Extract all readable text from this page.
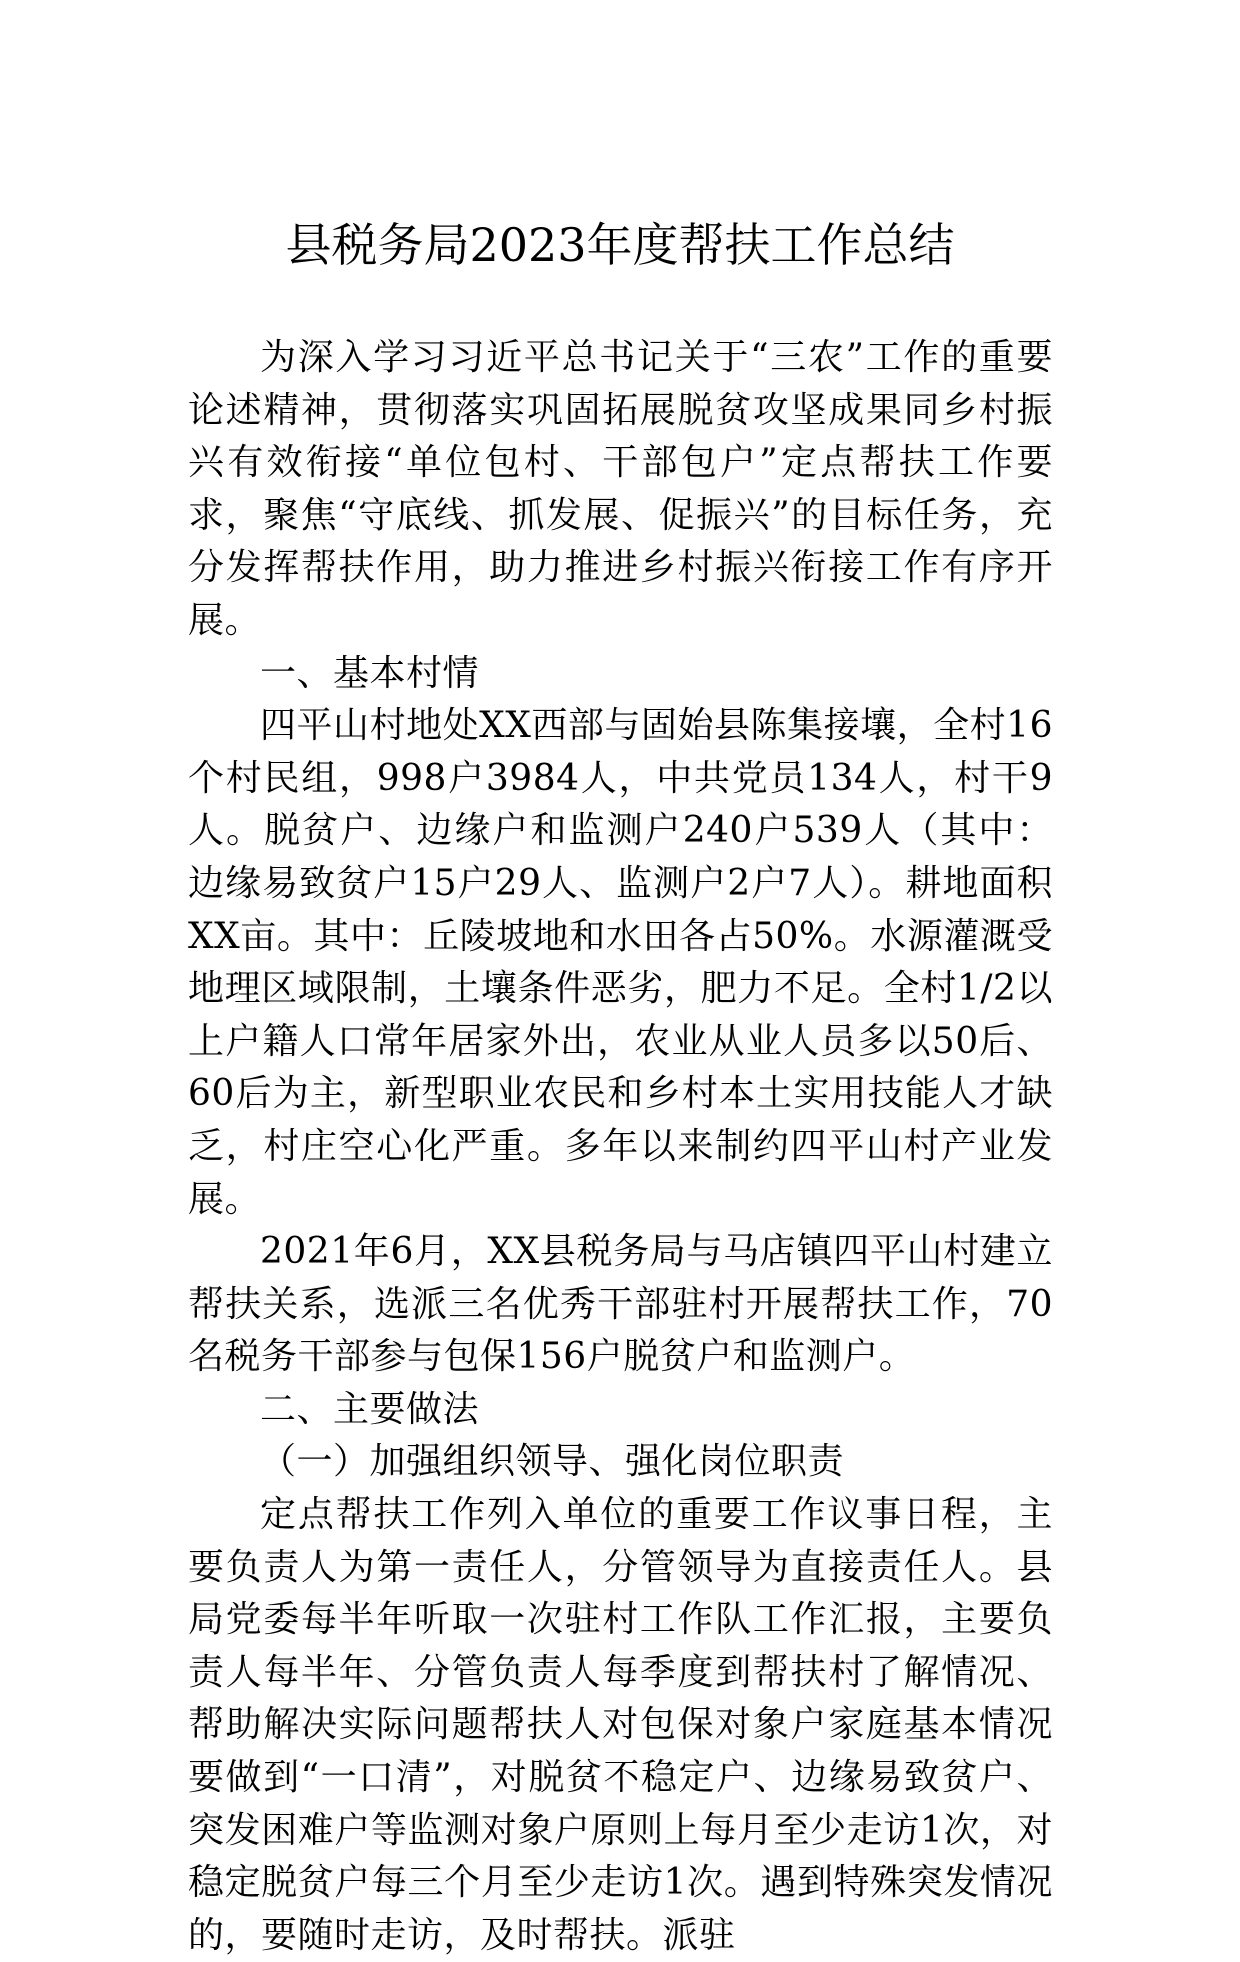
县税务局2023年度帮扶工作总结

为深入学习习近平总书记关于“三农”工作的重要论述精神，贯彻落实巩固拓展脱贫攻坚成果同乡村振兴有效衔接“单位包村、干部包户”定点帮扶工作要求，聚焦“守底线、抓发展、促振兴”的目标任务，充分发挥帮扶作用，助力推进乡村振兴衔接工作有序开展。

一、基本村情

四平山村地处XX西部与固始县陈集接壤，全村16个村民组，998户3984人，中共党员134人，村干9人。脱贫户、边缘户和监测户240户539人（其中：边缘易致贫户15户29人、监测户2户7人）。耕地面积XX亩。其中：丘陵坡地和水田各占50%。水源灌溉受地理区域限制，土壤条件恶劣，肥力不足。全村1/2以上户籍人口常年居家外出，农业从业人员多以50后、60后为主，新型职业农民和乡村本土实用技能人才缺乏，村庄空心化严重。多年以来制约四平山村产业发展。

2021年6月，XX县税务局与马店镇四平山村建立帮扶关系，选派三名优秀干部驻村开展帮扶工作，70名税务干部参与包保156户脱贫户和监测户。

二、主要做法

（一）加强组织领导、强化岗位职责

定点帮扶工作列入单位的重要工作议事日程，主要负责人为第一责任人，分管领导为直接责任人。县局党委每半年听取一次驻村工作队工作汇报，主要负责人每半年、分管负责人每季度到帮扶村了解情况、帮助解决实际问题帮扶人对包保对象户家庭基本情况要做到“一口清”，对脱贫不稳定户、边缘易致贫户、突发困难户等监测对象户原则上每月至少走访1次，对稳定脱贫户每三个月至少走访1次。遇到特殊突发情况的，要随时走访，及时帮扶。派驻
